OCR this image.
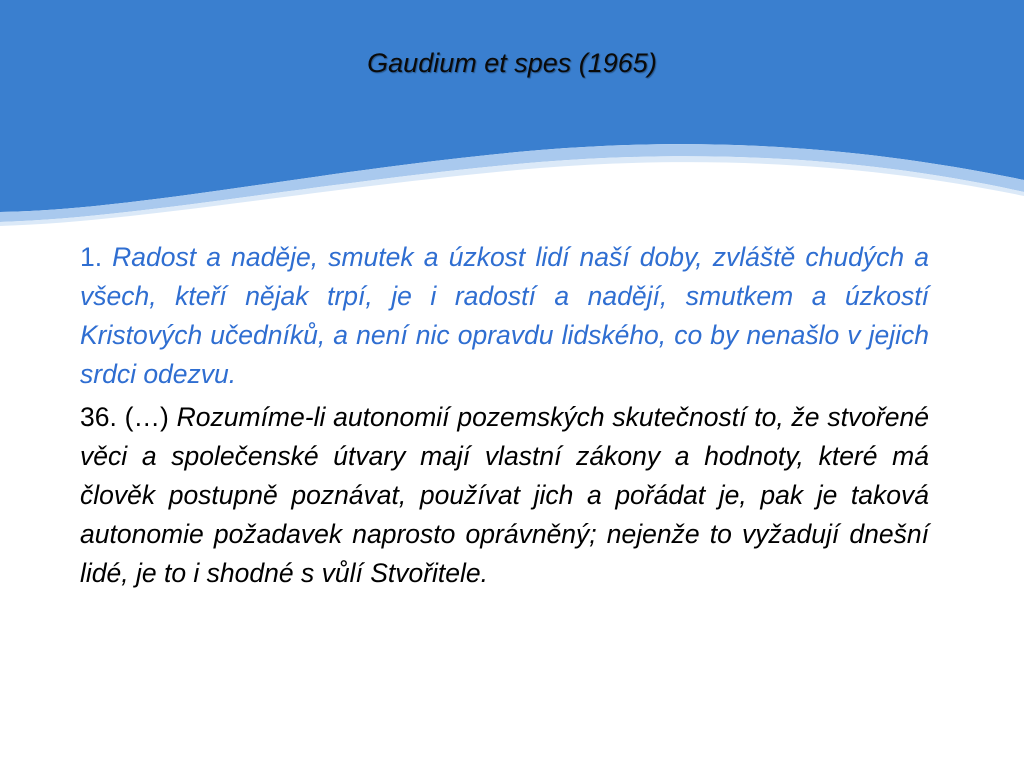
Gaudium et spes (1965)

1. Radost a naděje, smutek a úzkost lidí naší doby, zvláště chudých a všech, kteří nějak trpí, je i radostí a nadějí, smutkem a úzkostí Kristových učedníků, a není nic opravdu lidského, co by nenašlo v jejich srdci odezvu.

36. (…) Rozumíme-li autonomií pozemských skutečností to, že stvořené věci a společenské útvary mají vlastní zákony a hodnoty, které má člověk postupně poznávat, používat jich a pořádat je, pak je taková autonomie požadavek naprosto oprávněný; nejenže to vyžadují dnešní lidé, je to i shodné s vůlí Stvořitele.
